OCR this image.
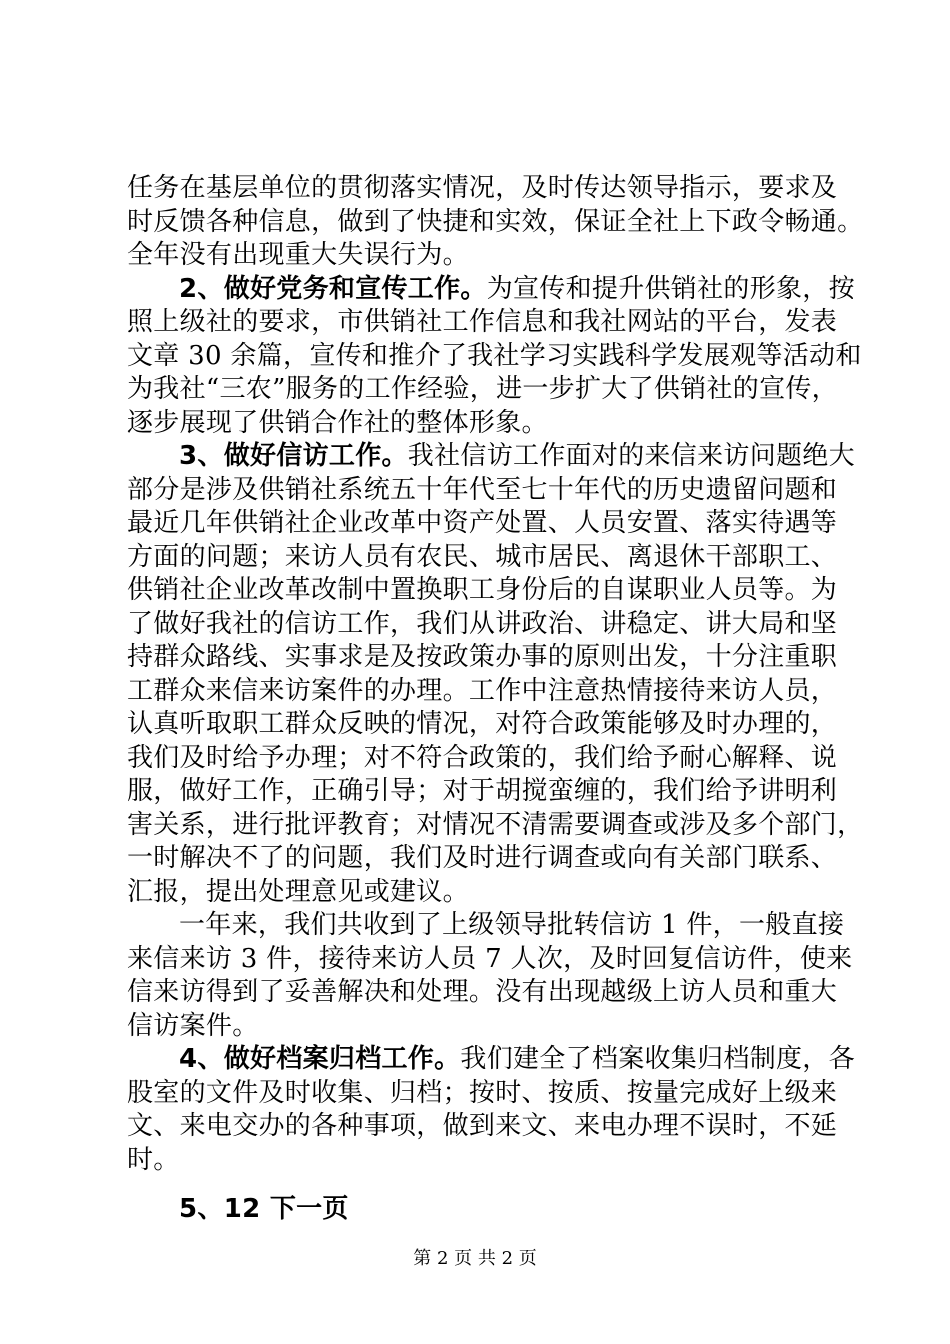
任务在基层单位的贯彻落实情况，及时传达领导指示，要求及
时反馈各种信息，做到了快捷和实效，保证全社上下政令畅通。
全年没有出现重大失误行为。
2、做好党务和宣传工作。为宣传和提升供销社的形象，按
照上级社的要求，市供销社工作信息和我社网站的平台，发表
文章 30 余篇，宣传和推介了我社学习实践科学发展观等活动和
为我社“三农”服务的工作经验，进一步扩大了供销社的宣传，
逐步展现了供销合作社的整体形象。
3、做好信访工作。我社信访工作面对的来信来访问题绝大
部分是涉及供销社系统五十年代至七十年代的历史遗留问题和
最近几年供销社企业改革中资产处置、人员安置、落实待遇等
方面的问题；来访人员有农民、城市居民、离退休干部职工、
供销社企业改革改制中置换职工身份后的自谋职业人员等。为
了做好我社的信访工作，我们从讲政治、讲稳定、讲大局和坚
持群众路线、实事求是及按政策办事的原则出发，十分注重职
工群众来信来访案件的办理。工作中注意热情接待来访人员，
认真听取职工群众反映的情况，对符合政策能够及时办理的，
我们及时给予办理；对不符合政策的，我们给予耐心解释、说
服，做好工作，正确引导；对于胡搅蛮缠的，我们给予讲明利
害关系，进行批评教育；对情况不清需要调查或涉及多个部门，
一时解决不了的问题，我们及时进行调查或向有关部门联系、
汇报，提出处理意见或建议。
一年来，我们共收到了上级领导批转信访 1 件，一般直接
来信来访 3 件，接待来访人员 7 人次，及时回复信访件，使来
信来访得到了妥善解决和处理。没有出现越级上访人员和重大
信访案件。
4、做好档案归档工作。我们建全了档案收集归档制度，各
股室的文件及时收集、归档；按时、按质、按量完成好上级来
文、来电交办的各种事项，做到来文、来电办理不误时，不延
时。
5、12 下一页
第 2 页 共 2 页
